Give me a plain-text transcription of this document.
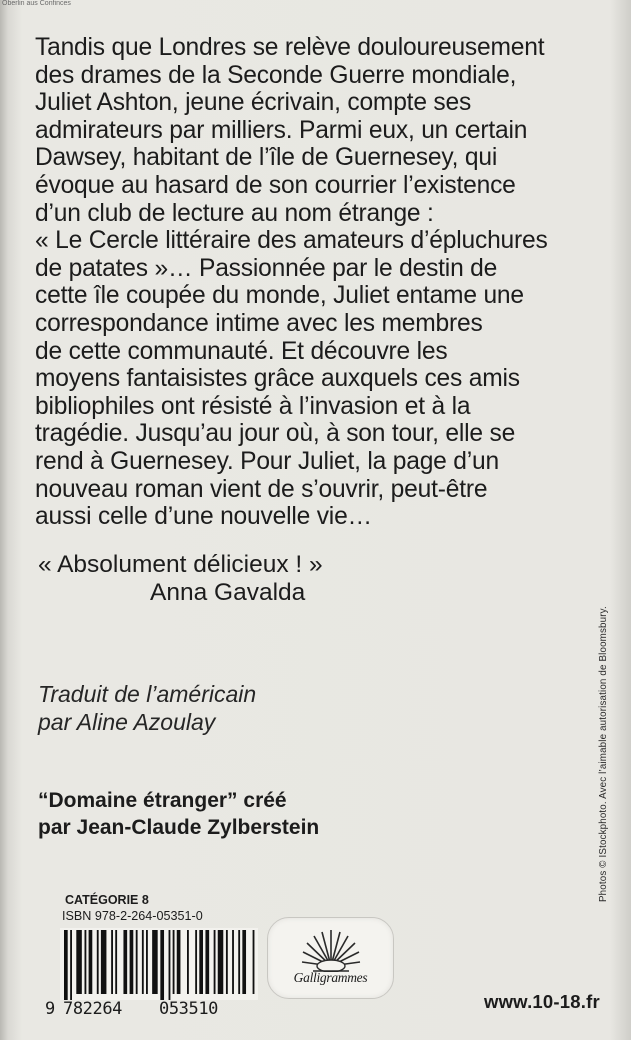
Oberlin aus Confinces
Tandis que Londres se relève douloureusement
des drames de la Seconde Guerre mondiale,
Juliet Ashton, jeune écrivain, compte ses
admirateurs par milliers. Parmi eux, un certain
Dawsey, habitant de l’île de Guernesey, qui
évoque au hasard de son courrier l’existence
d’un club de lecture au nom étrange :
« Le Cercle littéraire des amateurs d’épluchures
de patates »… Passionnée par le destin de
cette île coupée du monde, Juliet entame une
correspondance intime avec les membres
de cette communauté. Et découvre les
moyens fantaisistes grâce auxquels ces amis
bibliophiles ont résisté à l’invasion et à la
tragédie. Jusqu’au jour où, à son tour, elle se
rend à Guernesey. Pour Juliet, la page d’un
nouveau roman vient de s’ouvrir, peut-être
aussi celle d’une nouvelle vie…
« Absolument délicieux ! »
Anna Gavalda
Traduit de l’américain
par Aline Azoulay
“Domaine étranger” créé
par Jean-Claude Zylberstein	Photos © IStockphoto. Avec l’aimable autorisation de Bloomsbury.
CATÉGORIE 8
ISBN 978-2-264-05351-0
9 782264 053510
Galligrammes
www.10-18.fr
